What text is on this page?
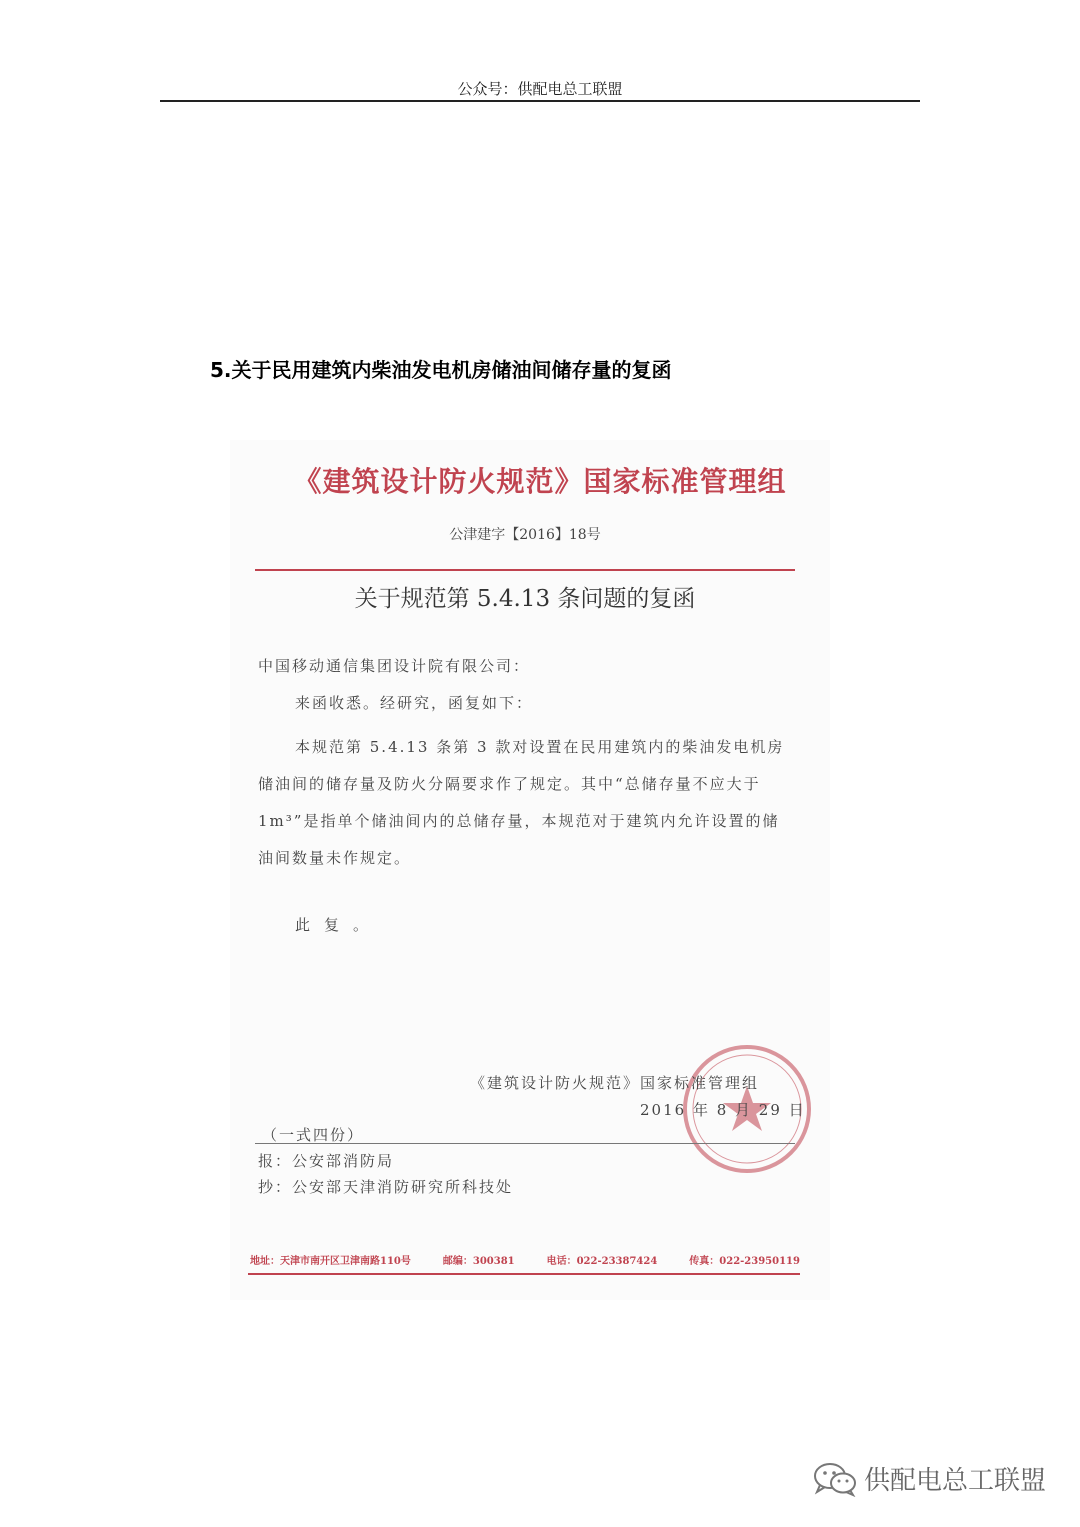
公众号：供配电总工联盟
5.关于民用建筑内柴油发电机房储油间储存量的复函
《建筑设计防火规范》国家标准管理组
公津建字【2016】18号
关于规范第 5.4.13 条问题的复函
中国移动通信集团设计院有限公司：
来函收悉。经研究，函复如下：

本规范第 5.4.13 条第 3 款对设置在民用建筑内的柴油发电机房储油间的储存量及防火分隔要求作了规定。其中“总储存量不应大于 1m³”是指单个储油间内的总储存量，本规范对于建筑内允许设置的储油间数量未作规定。

此复。
《建筑设计防火规范》国家标准管理组
2016 年 8 月 29 日
（一式四份）
报：公安部消防局
抄：公安部天津消防研究所科技处
地址：天津市南开区卫津南路110号	邮编：300381	电话：022-23387424	传真：022-23950119
供配电总工联盟
